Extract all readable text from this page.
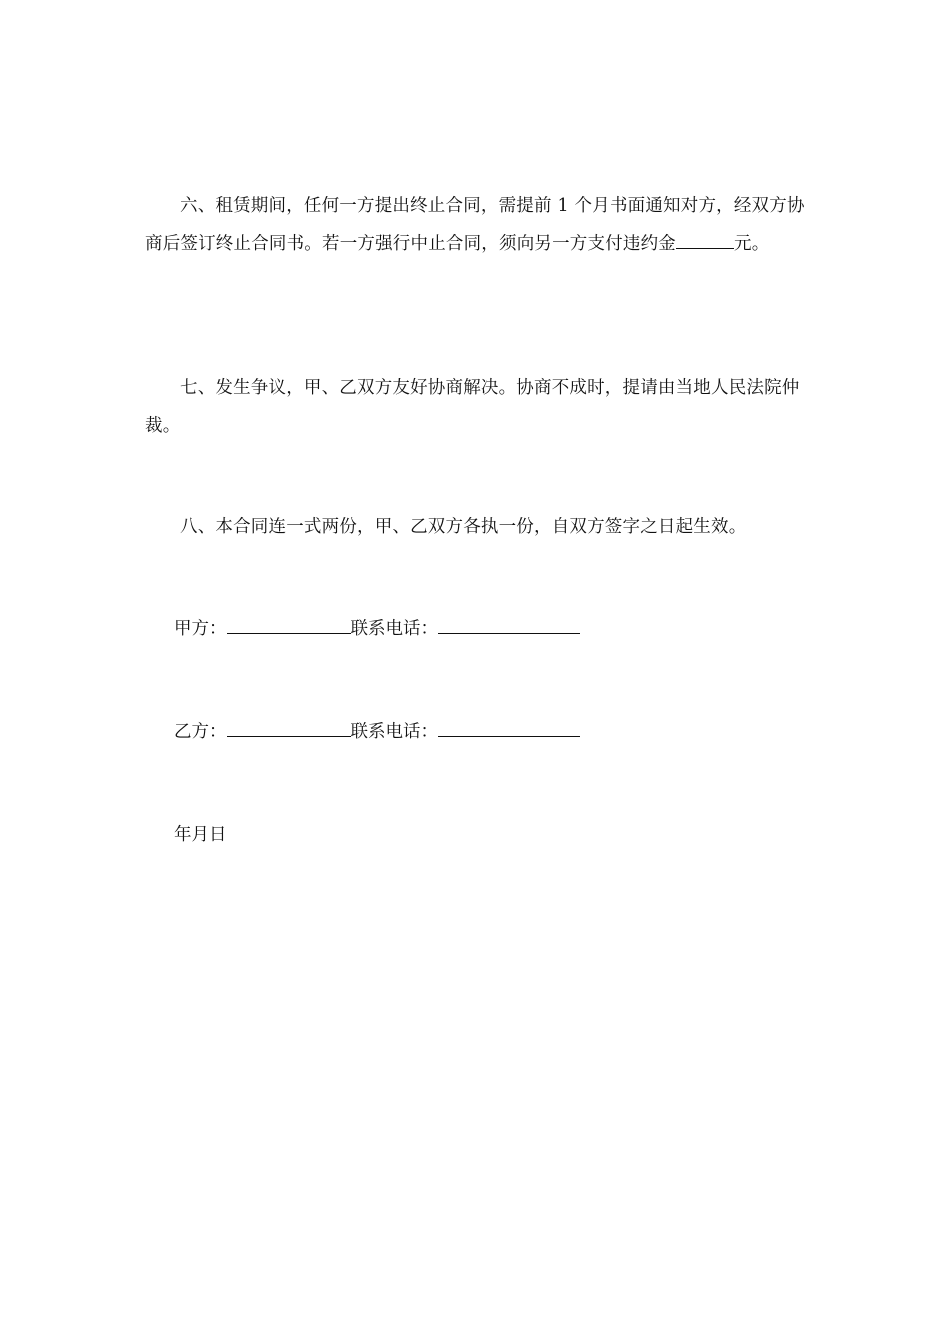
六、租赁期间，任何一方提出终止合同，需提前 1 个月书面通知对方，经双方协商后签订终止合同书。若一方强行中止合同，须向另一方支付违约金	元。

七、发生争议，甲、乙双方友好协商解决。协商不成时，提请由当地人民法院仲裁。

八、本合同连一式两份，甲、乙双方各执一份，自双方签字之日起生效。

甲方：	联系电话：

乙方：	联系电话：

年月日
